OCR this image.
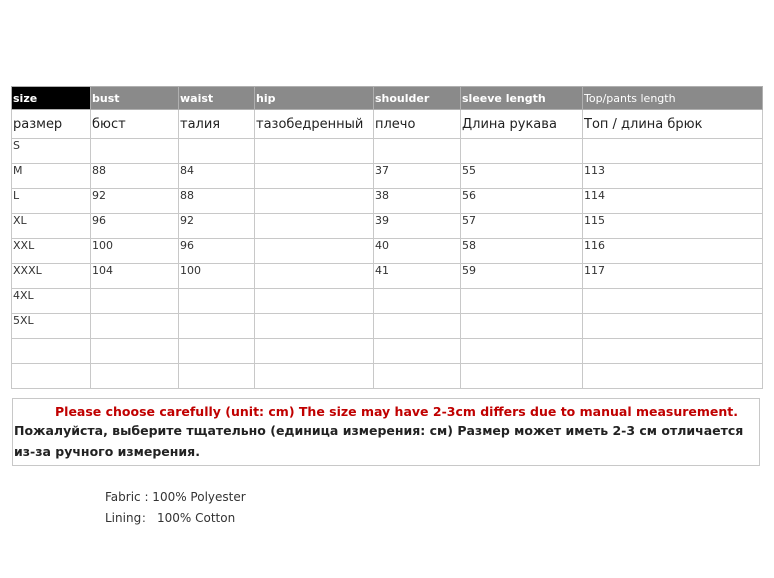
size	bust	waist	hip	shoulder	sleeve length	Top/pants length
размер	бюст	талия	тазобедренный	плечо	Длина рукава	Топ / длина брюк
S						
M	88	84		37	55	113
L	92	88		38	56	114
XL	96	92		39	57	115
XXL	100	96		40	58	116
XXXL	104	100		41	59	117
4XL						
5XL						

Please choose carefully (unit: cm) The size may have 2-3cm differs due to manual measurement.
Пожалуйста, выберите тщательно (единица измерения: см) Размер может иметь 2-3 см отличается из-за ручного измерения.
Fabric : 100% Polyester
Lining： 100% Cotton
